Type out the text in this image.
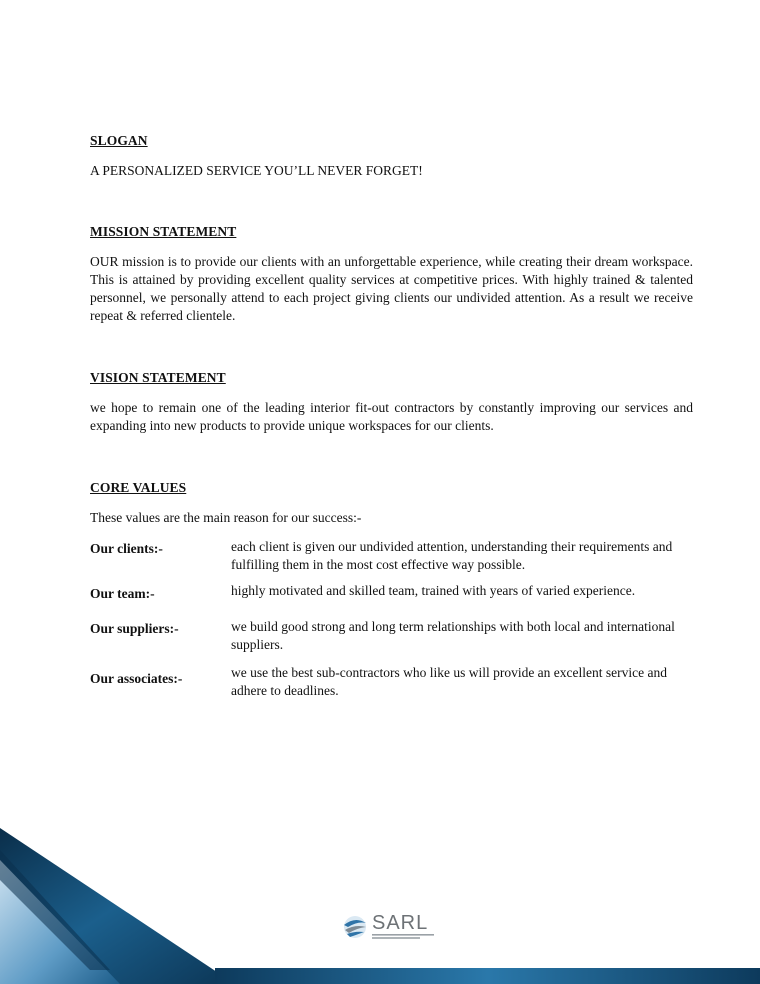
SLOGAN

A PERSONALIZED SERVICE YOU’LL NEVER FORGET!

MISSION STATEMENT

OUR mission is to provide our clients with an unforgettable experience, while creating their dream workspace. This is attained by providing excellent quality services at competitive prices. With highly trained & talented personnel, we personally attend to each project giving clients our undivided attention. As a result we receive repeat & referred clientele.

VISION STATEMENT

we hope to remain one of the leading interior fit-out contractors by constantly improving our services and expanding into new products to provide unique workspaces for our clients.

CORE VALUES

These values are the main reason for our success:-

Our clients:-	each client is given our undivided attention, understanding their requirements and fulfilling them in the most cost effective way possible.
Our team:-	highly motivated and skilled team, trained with years of varied experience.
Our suppliers:-	we build good strong and long term relationships with both local and international suppliers.
Our associates:-	we use the best sub-contractors who like us will provide an excellent service and adhere to deadlines.
SARL
